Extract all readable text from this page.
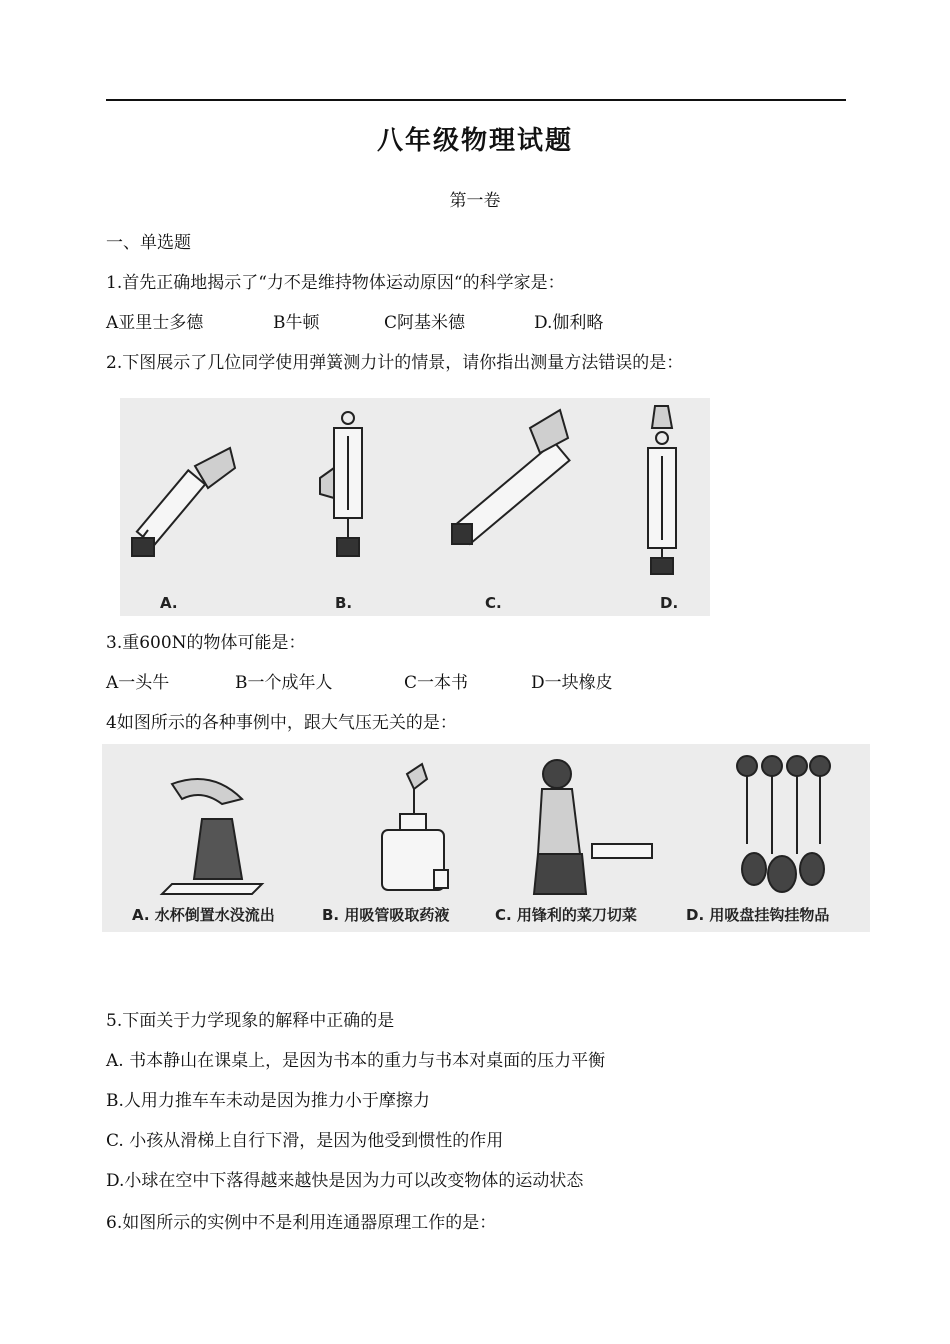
八年级物理试题
第一卷
一、单选题
1.首先正确地揭示了“力不是维持物体运动原因“的科学家是：
A亚里士多德	B牛顿	C阿基米德	D.伽利略
2.下图展示了几位同学使用弹簧测力计的情景，请你指出测量方法错误的是：
A.	B.	C.	D.
3.重600N的物体可能是：
A一头牛	B一个成年人	C一本书	D一块橡皮
4如图所示的各种事例中，跟大气压无关的是：
A. 水杯倒置水没流出	B. 用吸管吸取药液	C. 用锋利的菜刀切菜	D. 用吸盘挂钩挂物品
5.下面关于力学现象的解释中正确的是
A. 书本静山在课桌上，是因为书本的重力与书本对桌面的压力平衡
B.人用力推车车未动是因为推力小于摩擦力
C. 小孩从滑梯上自行下滑，是因为他受到惯性的作用
D.小球在空中下落得越来越快是因为力可以改变物体的运动状态
6.如图所示的实例中不是利用连通器原理工作的是：
